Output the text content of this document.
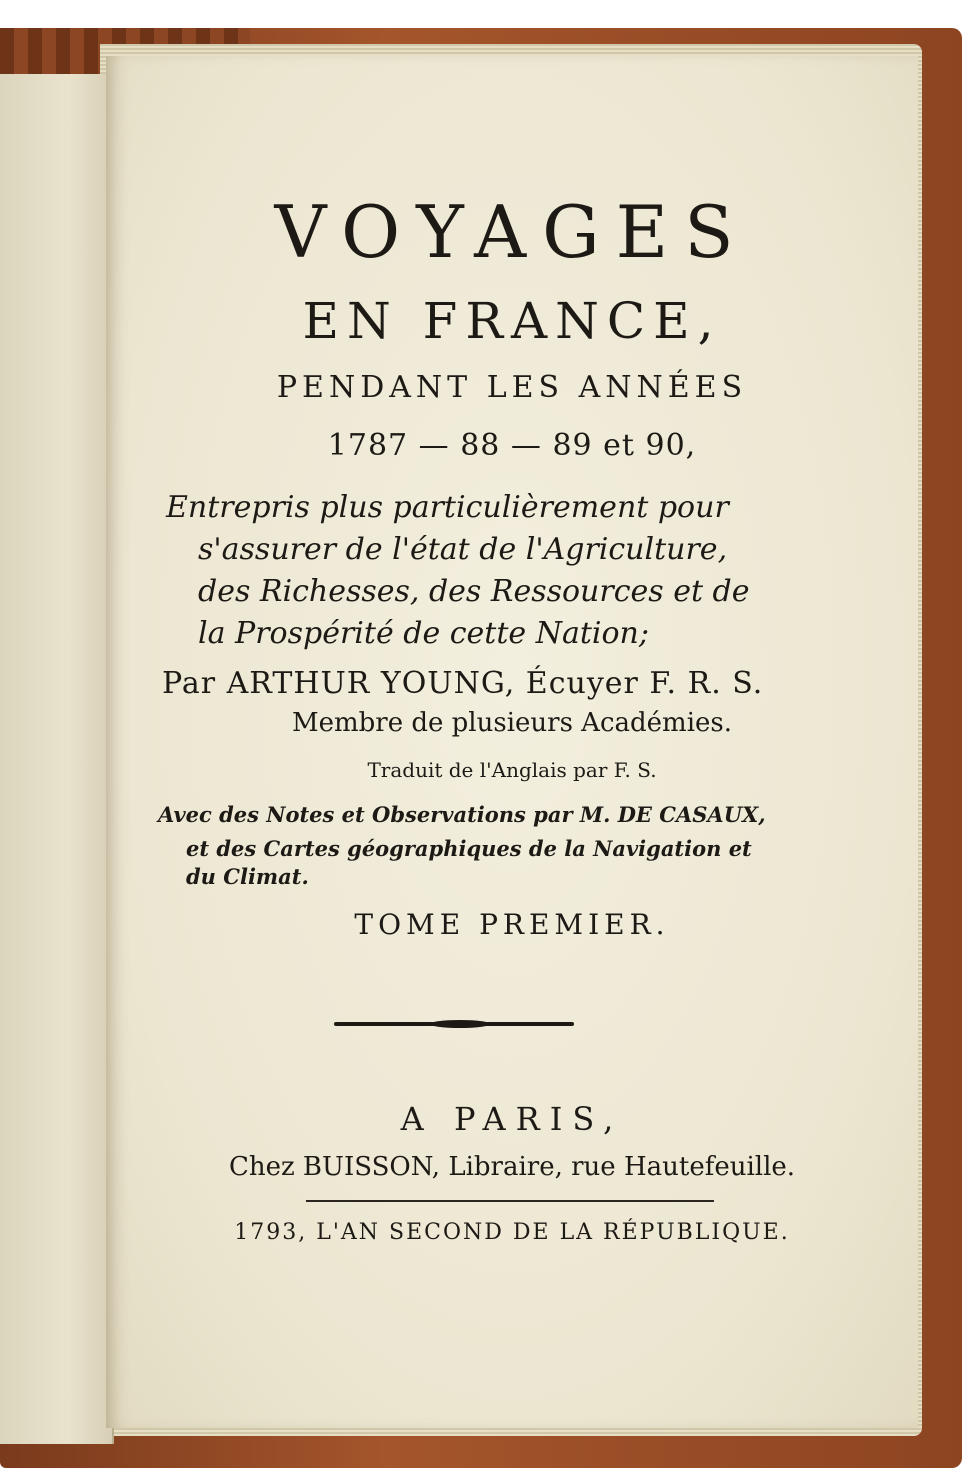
VOYAGES
EN FRANCE,
PENDANT LES ANNÉES
1787 — 88 — 89 et 90,
Entrepris plus particulièrement pour
s'assurer de l'état de l'Agriculture,
des Richesses, des Ressources et de
la Prospérité de cette Nation;
Par ARTHUR YOUNG, Écuyer F. R. S.
Membre de plusieurs Académies.
Traduit de l'Anglais par F. S.
Avec des Notes et Observations par M. DE CASAUX,
et des Cartes géographiques de la Navigation et
du Climat.
TOME PREMIER.
A PARIS,
Chez BUISSON, Libraire, rue Hautefeuille.
1793, L'AN SECOND DE LA RÉPUBLIQUE.
